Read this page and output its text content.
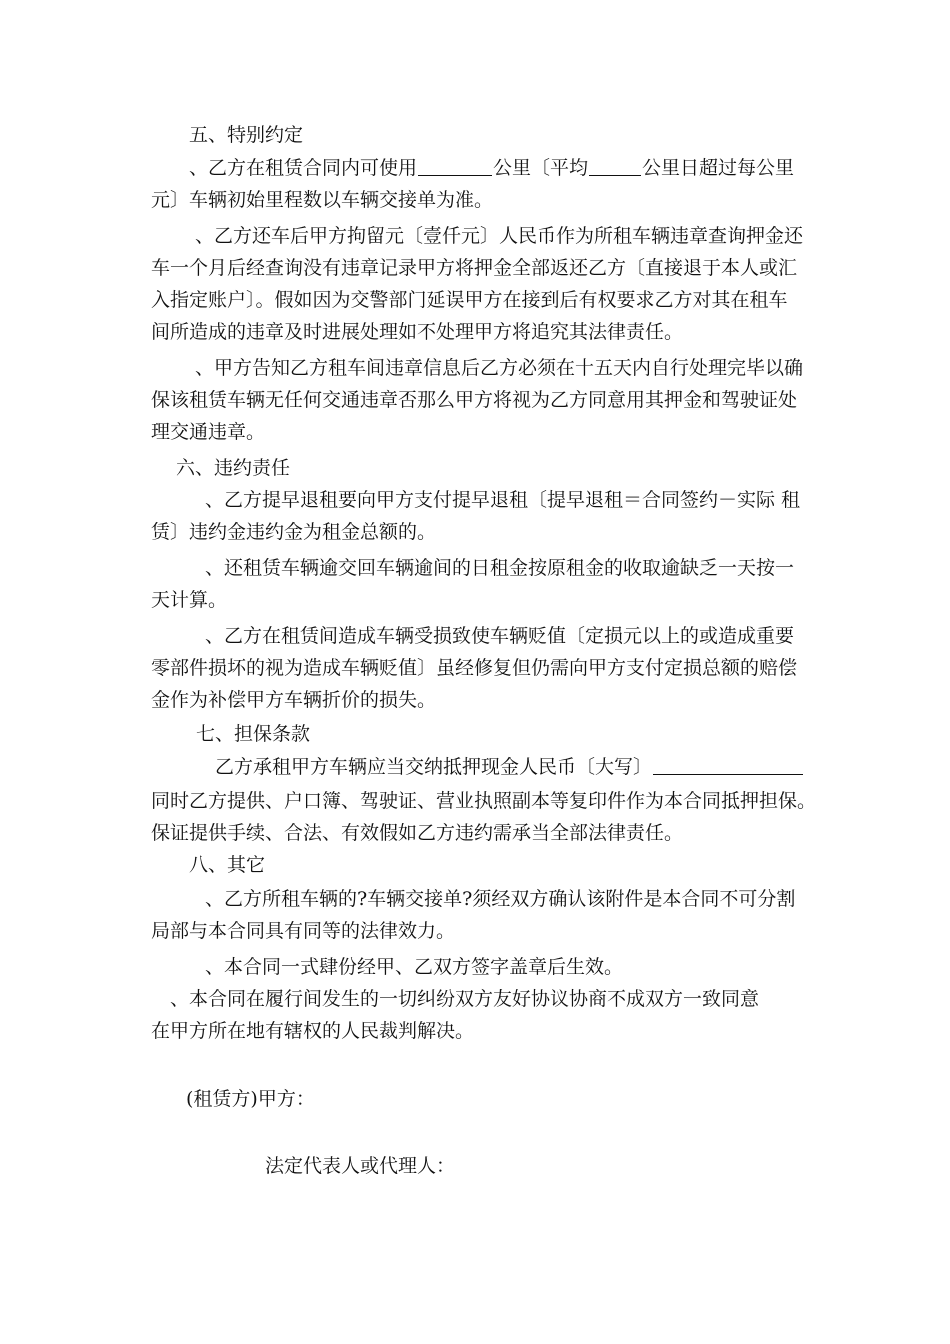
五、特别约定
、乙方在租赁合同内可使用	公里〔平均	公里日超过每公里
元〕车辆初始里程数以车辆交接单为准。
、乙方还车后甲方拘留元〔壹仟元〕人民币作为所租车辆违章查询押金还
车一个月后经查询没有违章记录甲方将押金全部返还乙方〔直接退于本人或汇
入指定账户〕。假如因为交警部门延误甲方在接到后有权要求乙方对其在租车
间所造成的违章及时进展处理如不处理甲方将追究其法律责任。
、甲方告知乙方租车间违章信息后乙方必须在十五天内自行处理完毕以确
保该租赁车辆无任何交通违章否那么甲方将视为乙方同意用其押金和驾驶证处
理交通违章。
六、违约责任
、乙方提早退租要向甲方支付提早退租〔提早退租＝合同签约－实际 租
赁〕违约金违约金为租金总额的。
、还租赁车辆逾交回车辆逾间的日租金按原租金的收取逾缺乏一天按一
天计算。
、乙方在租赁间造成车辆受损致使车辆贬值〔定损元以上的或造成重要
零部件损坏的视为造成车辆贬值〕虽经修复但仍需向甲方支付定损总额的赔偿
金作为补偿甲方车辆折价的损失。
七、担保条款
乙方承租甲方车辆应当交纳抵押现金人民币〔大写〕
同时乙方提供、户口簿、驾驶证、营业执照副本等复印件作为本合同抵押担保。
保证提供手续、合法、有效假如乙方违约需承当全部法律责任。
八、其它
、乙方所租车辆的?车辆交接单?须经双方确认该附件是本合同不可分割
局部与本合同具有同等的法律效力。
、本合同一式肆份经甲、乙双方签字盖章后生效。
、本合同在履行间发生的一切纠纷双方友好协议协商不成双方一致同意
在甲方所在地有辖权的人民裁判解决。
(租赁方)甲方：
法定代表人或代理人：
